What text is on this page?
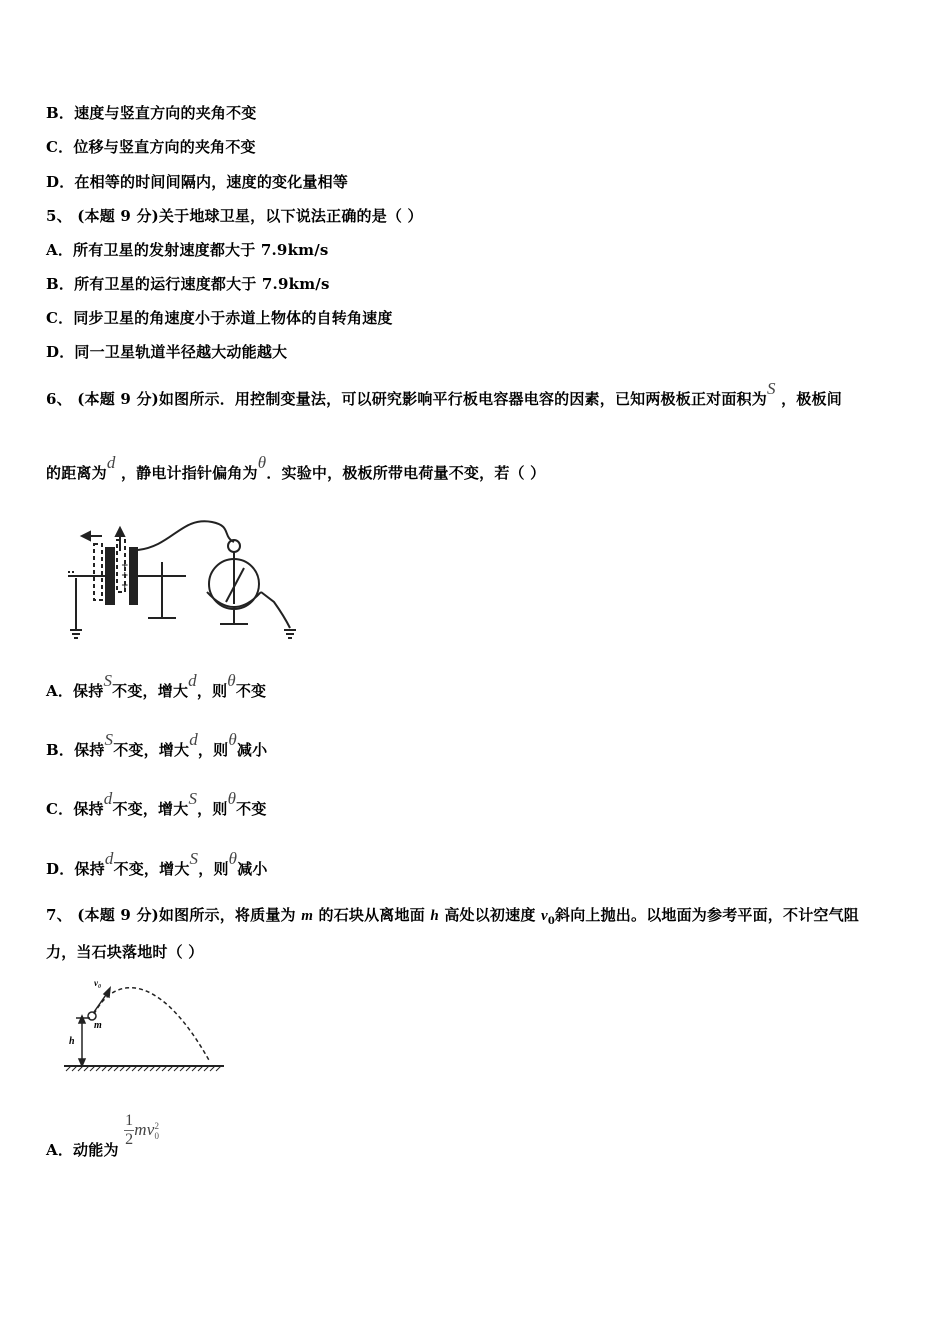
B．速度与竖直方向的夹角不变
C．位移与竖直方向的夹角不变
D．在相等的时间间隔内，速度的变化量相等
5、 (本题 9 分)关于地球卫星，以下说法正确的是（ ）
A．所有卫星的发射速度都大于 7.9km/s
B．所有卫星的运行速度都大于 7.9km/s
C．同步卫星的角速度小于赤道上物体的自转角速度
D．同一卫星轨道半径越大动能越大
6、 (本题 9 分)如图所示．用控制变量法，可以研究影响平行板电容器电容的因素，已知两极板正对面积为S ，极板间
的距离为d ，静电计指针偏角为θ．实验中，极板所带电荷量不变，若（ ）
+
+
+
A．保持S不变，增大d，则θ不变
B．保持S不变，增大d，则θ减小
C．保持d不变，增大S，则θ不变
D．保持d不变，增大S，则θ减小
7、 (本题 9 分)如图所示，将质量为 m 的石块从离地面 h 高处以初速度 $v_0$斜向上抛出。以地面为参考平面，不计空气阻
力，当石块落地时（ ）
v₀
m
h
A．动能为
$\frac{1}{2}$ mv 2
0
